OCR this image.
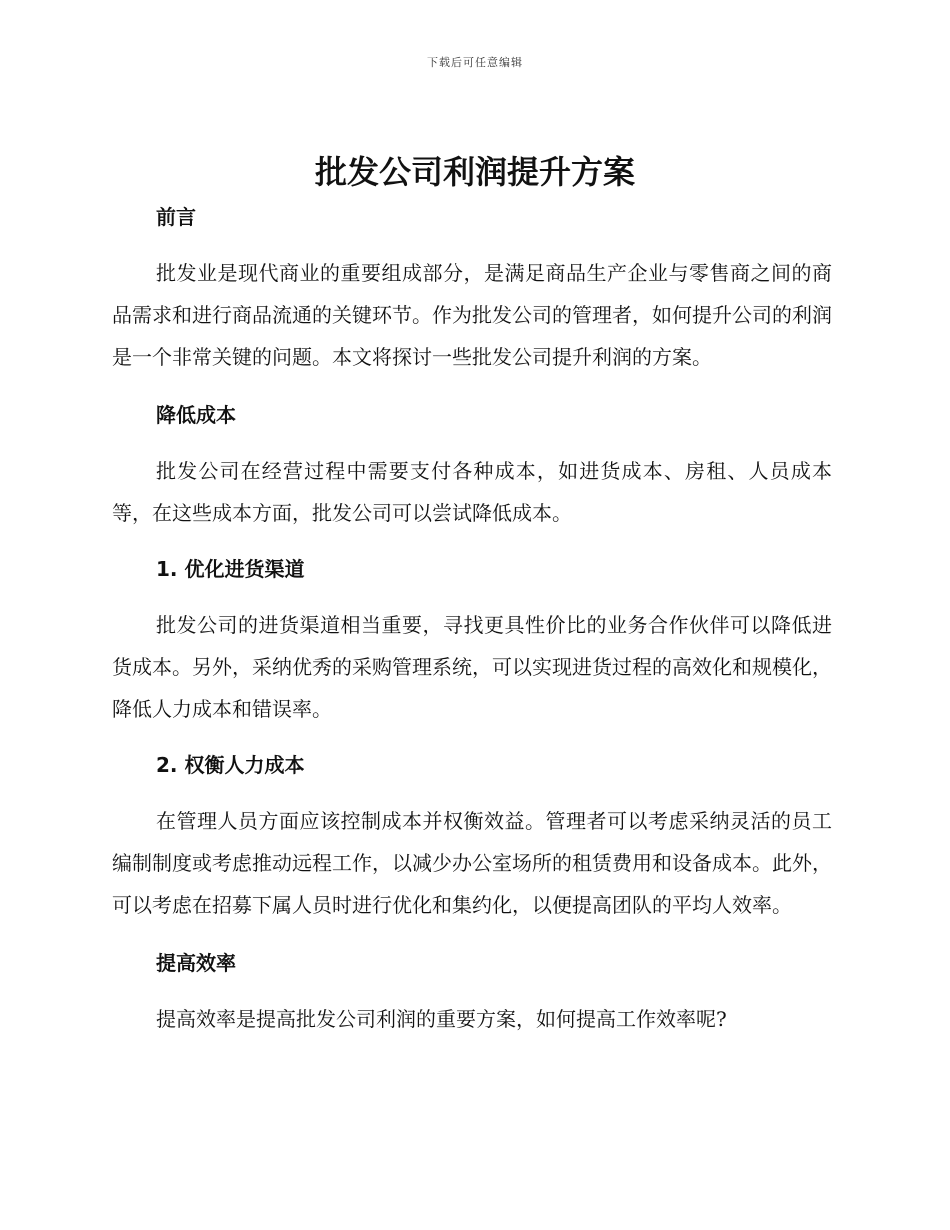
下载后可任意编辑
批发公司利润提升方案
前言

批发业是现代商业的重要组成部分，是满足商品生产企业与零售商之间的商品需求和进行商品流通的关键环节。作为批发公司的管理者，如何提升公司的利润是一个非常关键的问题。本文将探讨一些批发公司提升利润的方案。

降低成本

批发公司在经营过程中需要支付各种成本，如进货成本、房租、人员成本等，在这些成本方面，批发公司可以尝试降低成本。

1. 优化进货渠道

批发公司的进货渠道相当重要，寻找更具性价比的业务合作伙伴可以降低进货成本。另外，采纳优秀的采购管理系统，可以实现进货过程的高效化和规模化，降低人力成本和错误率。

2. 权衡人力成本

在管理人员方面应该控制成本并权衡效益。管理者可以考虑采纳灵活的员工编制制度或考虑推动远程工作，以减少办公室场所的租赁费用和设备成本。此外，可以考虑在招募下属人员时进行优化和集约化，以便提高团队的平均人效率。

提高效率

提高效率是提高批发公司利润的重要方案，如何提高工作效率呢?
